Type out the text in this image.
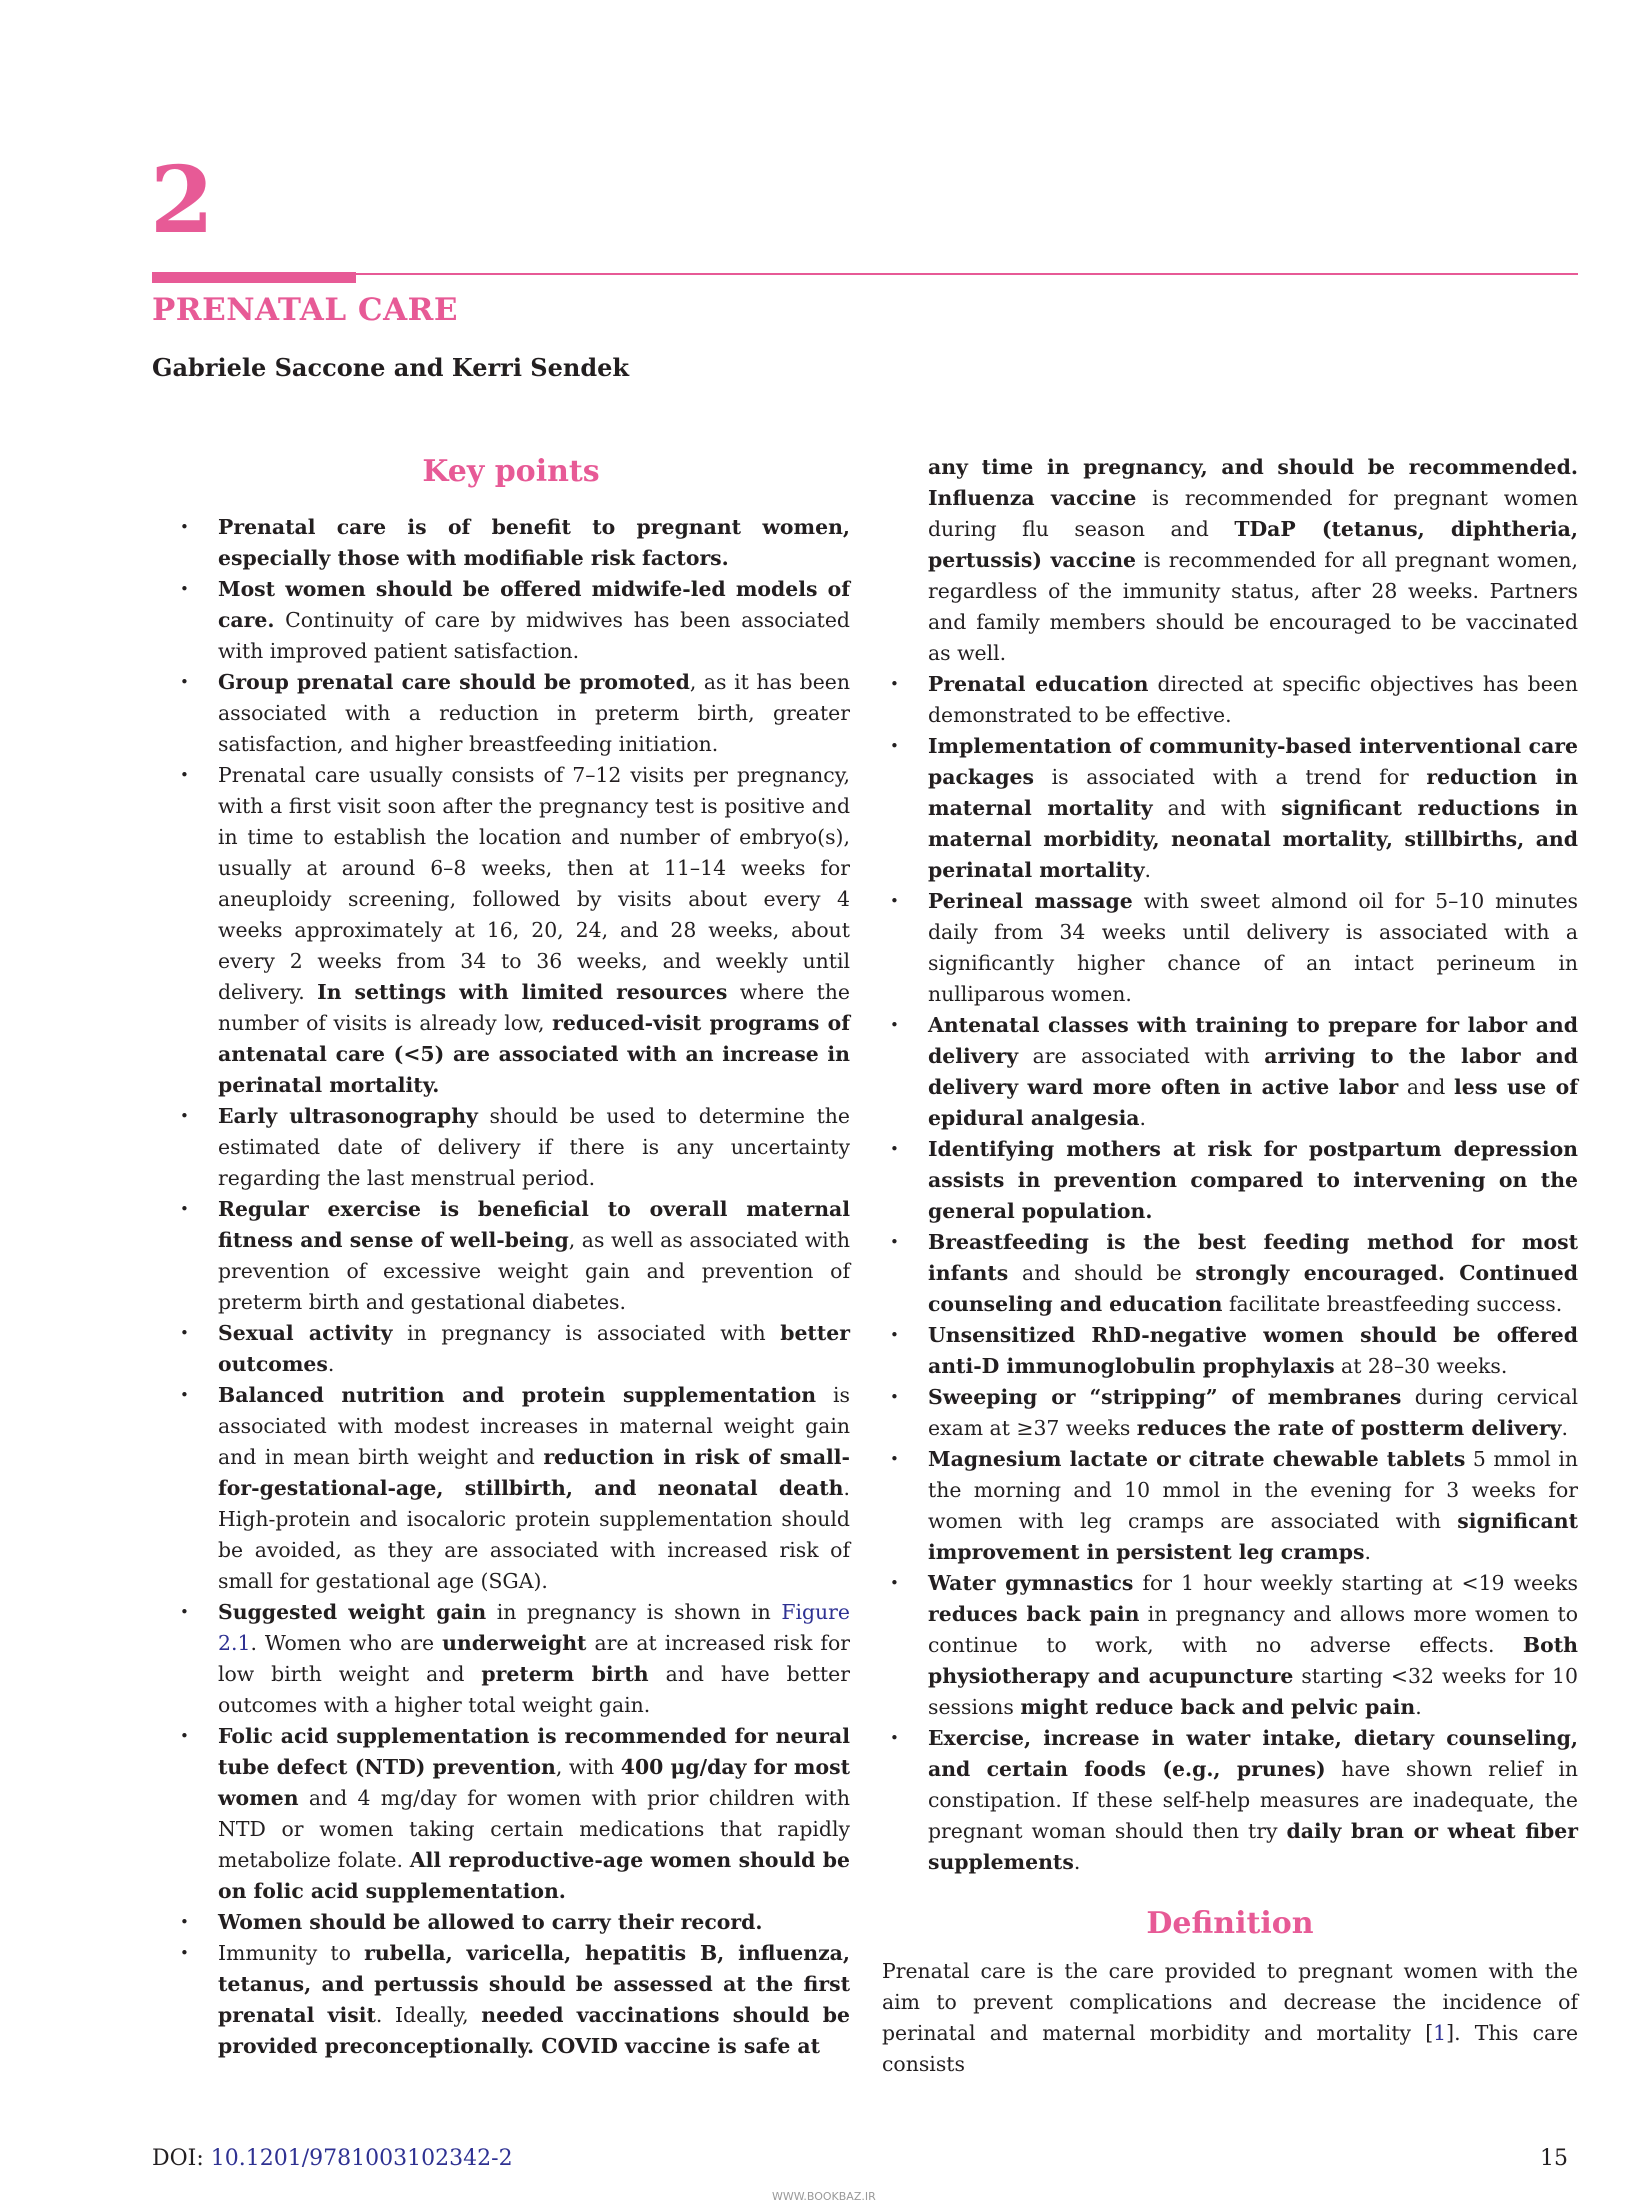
2
PRENATAL CARE
Gabriele Saccone and Kerri Sendek
Key points
• Prenatal care is of benefit to pregnant women, especially those with modifiable risk factors.
• Most women should be offered midwife-led models of care. Continuity of care by midwives has been associated with improved patient satisfaction.
• Group prenatal care should be promoted, as it has been associated with a reduction in preterm birth, greater satisfaction, and higher breastfeeding initiation.
• Prenatal care usually consists of 7–12 visits per pregnancy, with a first visit soon after the pregnancy test is positive and in time to establish the location and number of embryo(s), usually at around 6–8 weeks, then at 11–14 weeks for aneuploidy screening, followed by visits about every 4 weeks approximately at 16, 20, 24, and 28 weeks, about every 2 weeks from 34 to 36 weeks, and weekly until delivery. In settings with limited resources where the number of visits is already low, reduced-visit programs of antenatal care (<5) are associated with an increase in perinatal mortality.
• Early ultrasonography should be used to determine the estimated date of delivery if there is any uncertainty regarding the last menstrual period.
• Regular exercise is beneficial to overall maternal fitness and sense of well-being, as well as associated with prevention of excessive weight gain and prevention of preterm birth and gestational diabetes.
• Sexual activity in pregnancy is associated with better outcomes.
• Balanced nutrition and protein supplementation is associated with modest increases in maternal weight gain and in mean birth weight and reduction in risk of small-for-gestational-age, stillbirth, and neonatal death. High-protein and isocaloric protein supplementation should be avoided, as they are associated with increased risk of small for gestational age (SGA).
• Suggested weight gain in pregnancy is shown in Figure 2.1. Women who are underweight are at increased risk for low birth weight and preterm birth and have better outcomes with a higher total weight gain.
• Folic acid supplementation is recommended for neural tube defect (NTD) prevention, with 400 μg/day for most women and 4 mg/day for women with prior children with NTD or women taking certain medications that rapidly metabolize folate. All reproductive-age women should be on folic acid supplementation.
• Women should be allowed to carry their record.
• Immunity to rubella, varicella, hepatitis B, influenza, tetanus, and pertussis should be assessed at the first prenatal visit. Ideally, needed vaccinations should be provided preconceptionally. COVID vaccine is safe at
any time in pregnancy, and should be recommended. Influenza vaccine is recommended for pregnant women during flu season and TDaP (tetanus, diphtheria, pertussis) vaccine is recommended for all pregnant women, regardless of the immunity status, after 28 weeks. Partners and family members should be encouraged to be vaccinated as well.
• Prenatal education directed at specific objectives has been demonstrated to be effective.
• Implementation of community-based interventional care packages is associated with a trend for reduction in maternal mortality and with significant reductions in maternal morbidity, neonatal mortality, stillbirths, and perinatal mortality.
• Perineal massage with sweet almond oil for 5–10 minutes daily from 34 weeks until delivery is associated with a significantly higher chance of an intact perineum in nulliparous women.
• Antenatal classes with training to prepare for labor and delivery are associated with arriving to the labor and delivery ward more often in active labor and less use of epidural analgesia.
• Identifying mothers at risk for postpartum depression assists in prevention compared to intervening on the general population.
• Breastfeeding is the best feeding method for most infants and should be strongly encouraged. Continued counseling and education facilitate breastfeeding success.
• Unsensitized RhD-negative women should be offered anti-D immunoglobulin prophylaxis at 28–30 weeks.
• Sweeping or “stripping” of membranes during cervical exam at ≥37 weeks reduces the rate of postterm delivery.
• Magnesium lactate or citrate chewable tablets 5 mmol in the morning and 10 mmol in the evening for 3 weeks for women with leg cramps are associated with significant improvement in persistent leg cramps.
• Water gymnastics for 1 hour weekly starting at <19 weeks reduces back pain in pregnancy and allows more women to continue to work, with no adverse effects. Both physiotherapy and acupuncture starting <32 weeks for 10 sessions might reduce back and pelvic pain.
• Exercise, increase in water intake, dietary counseling, and certain foods (e.g., prunes) have shown relief in constipation. If these self-help measures are inadequate, the pregnant woman should then try daily bran or wheat fiber supplements.
Definition
Prenatal care is the care provided to pregnant women with the aim to prevent complications and decrease the incidence of perinatal and maternal morbidity and mortality [1]. This care consists
DOI: 10.1201/9781003102342-2	15
WWW.BOOKBAZ.IR
